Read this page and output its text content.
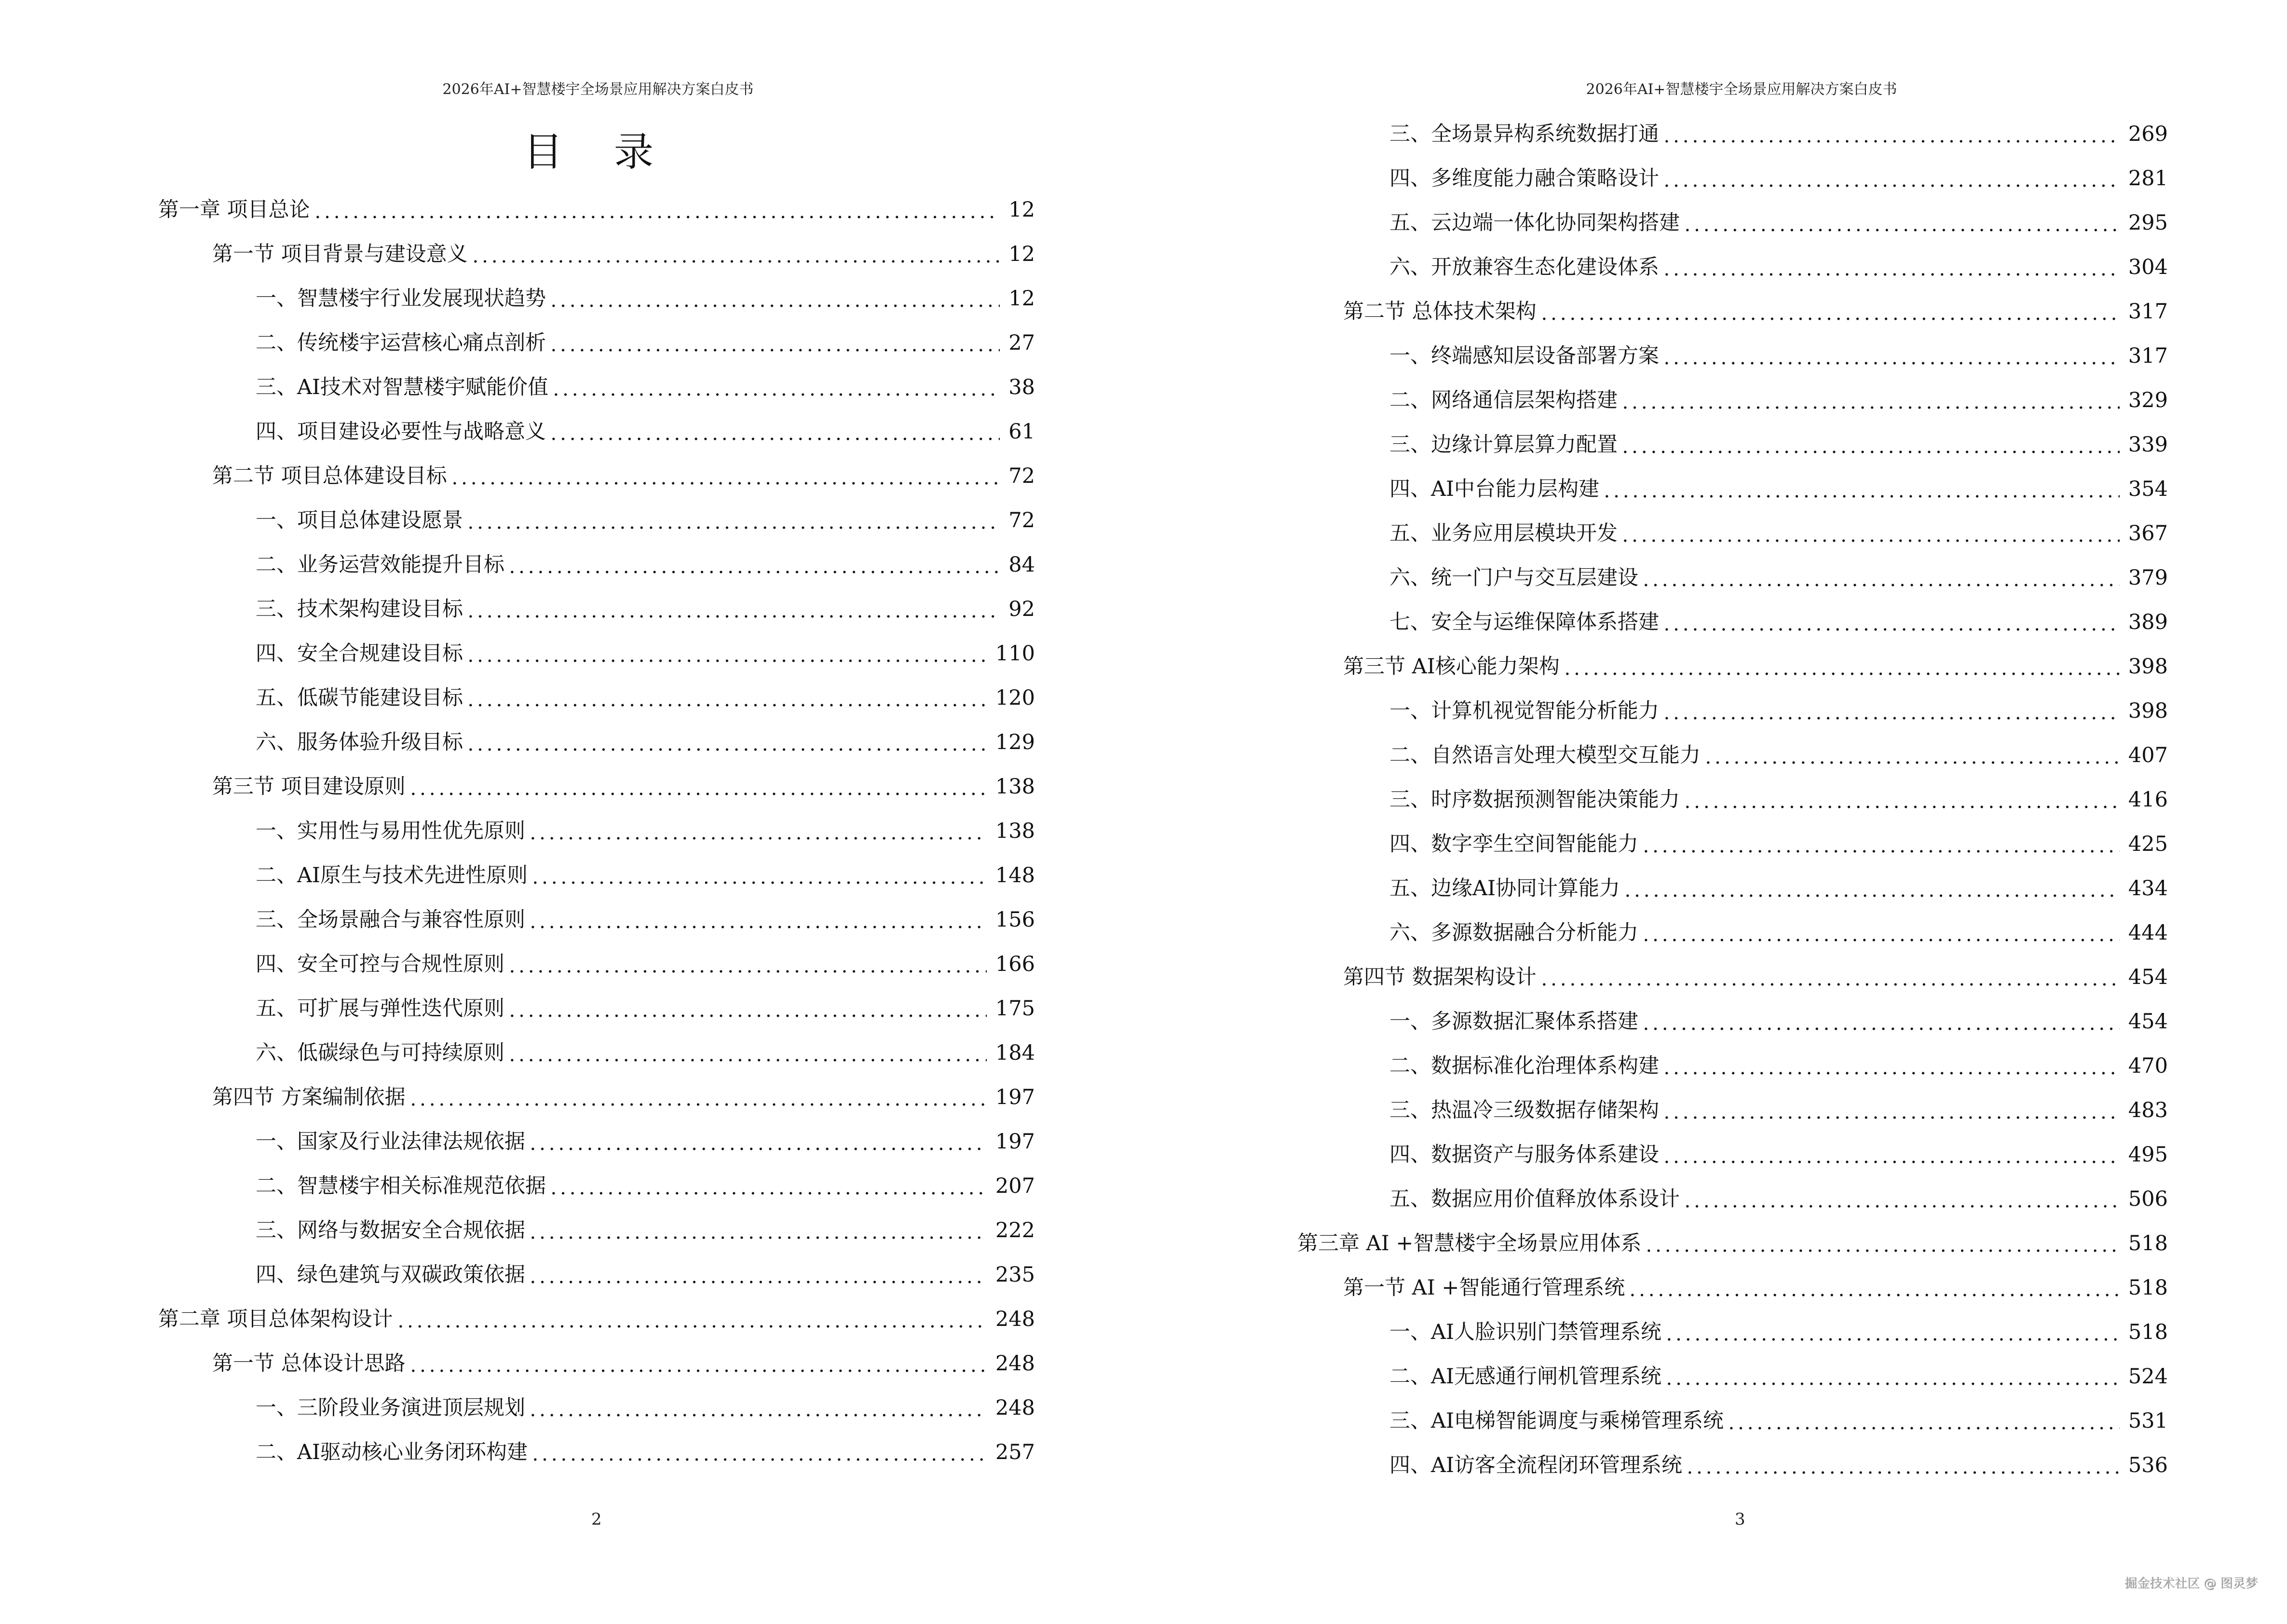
2026年AI+智慧楼宇全场景应用解决方案白皮书
目 录
第一章 项目总论	12
第一节 项目背景与建设意义	12
一、智慧楼宇行业发展现状趋势	12
二、传统楼宇运营核心痛点剖析	27
三、AI技术对智慧楼宇赋能价值	38
四、项目建设必要性与战略意义	61
第二节 项目总体建设目标	72
一、项目总体建设愿景	72
二、业务运营效能提升目标	84
三、技术架构建设目标	92
四、安全合规建设目标	110
五、低碳节能建设目标	120
六、服务体验升级目标	129
第三节 项目建设原则	138
一、实用性与易用性优先原则	138
二、AI原生与技术先进性原则	148
三、全场景融合与兼容性原则	156
四、安全可控与合规性原则	166
五、可扩展与弹性迭代原则	175
六、低碳绿色与可持续原则	184
第四节 方案编制依据	197
一、国家及行业法律法规依据	197
二、智慧楼宇相关标准规范依据	207
三、网络与数据安全合规依据	222
四、绿色建筑与双碳政策依据	235
第二章 项目总体架构设计	248
第一节 总体设计思路	248
一、三阶段业务演进顶层规划	248
二、AI驱动核心业务闭环构建	257
2
2026年AI+智慧楼宇全场景应用解决方案白皮书
三、全场景异构系统数据打通	269
四、多维度能力融合策略设计	281
五、云边端一体化协同架构搭建	295
六、开放兼容生态化建设体系	304
第二节 总体技术架构	317
一、终端感知层设备部署方案	317
二、网络通信层架构搭建	329
三、边缘计算层算力配置	339
四、AI中台能力层构建	354
五、业务应用层模块开发	367
六、统一门户与交互层建设	379
七、安全与运维保障体系搭建	389
第三节 AI核心能力架构	398
一、计算机视觉智能分析能力	398
二、自然语言处理大模型交互能力	407
三、时序数据预测智能决策能力	416
四、数字孪生空间智能能力	425
五、边缘AI协同计算能力	434
六、多源数据融合分析能力	444
第四节 数据架构设计	454
一、多源数据汇聚体系搭建	454
二、数据标准化治理体系构建	470
三、热温冷三级数据存储架构	483
四、数据资产与服务体系建设	495
五、数据应用价值释放体系设计	506
第三章 AI +智慧楼宇全场景应用体系	518
第一节 AI +智能通行管理系统	518
一、AI人脸识别门禁管理系统	518
二、AI无感通行闸机管理系统	524
三、AI电梯智能调度与乘梯管理系统	531
四、AI访客全流程闭环管理系统	536
3
掘金技术社区 @ 图灵梦
